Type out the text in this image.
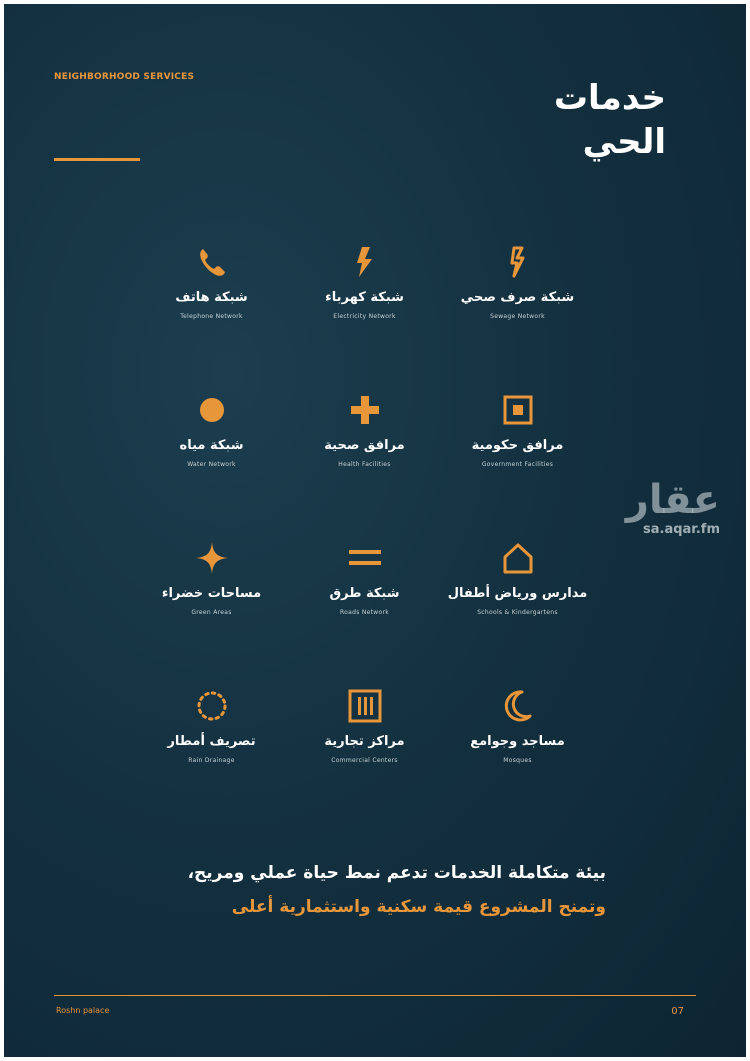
NEIGHBORHOOD SERVICES
خدمات
الحي
شبكة صرف صحي
Sewage Network
شبكة كهرباء
Electricity Network
شبكة هاتف
Telephone Network
مرافق حكومية
Government Facilities
مرافق صحية
Health Facilities
شبكة مياه
Water Network
مدارس ورياض أطفال
Schools & Kindergartens
شبكة طرق
Roads Network
مساحات خضراء
Green Areas
مساجد وجوامع
Mosques
مراكز تجارية
Commercial Centers
تصريف أمطار
Rain Drainage
عقار
sa.aqar.fm
بيئة متكاملة الخدمات تدعم نمط حياة عملي ومريح،
وتمنح المشروع قيمة سكنية واستثمارية أعلى
Roshn palace	07
